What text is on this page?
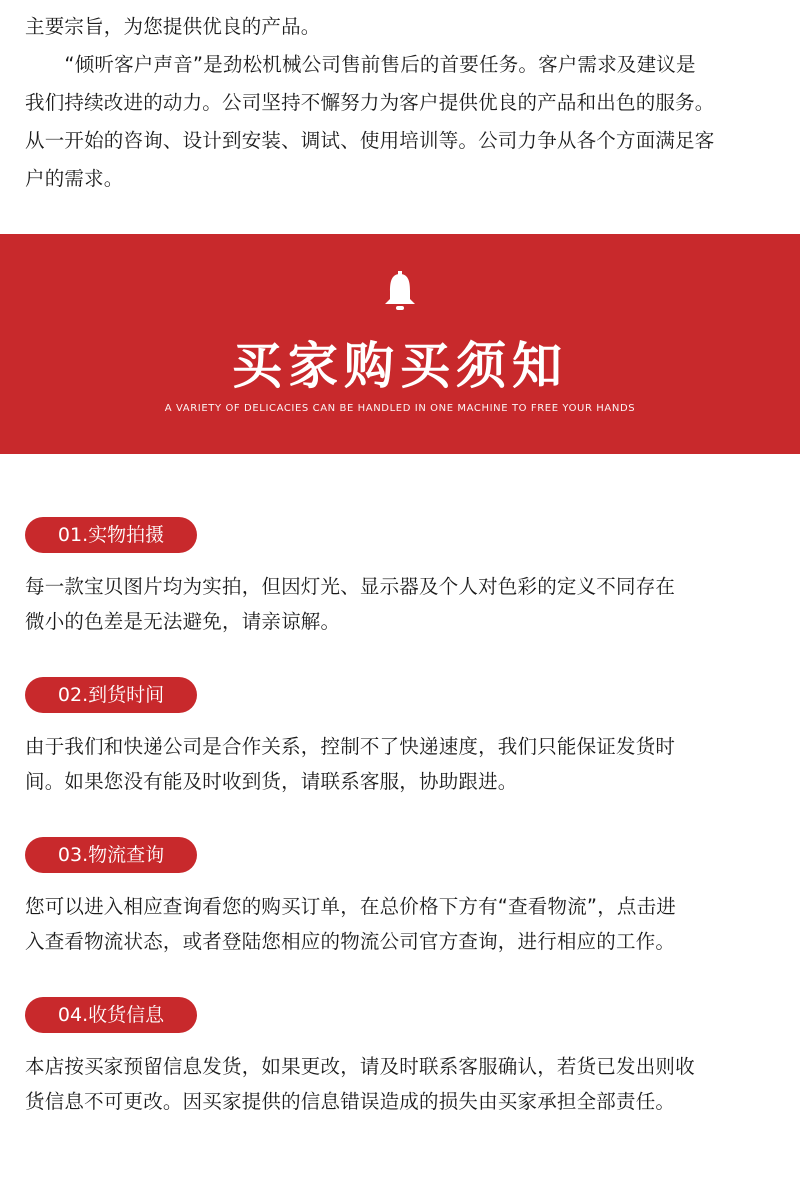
主要宗旨，为您提供优良的产品。
　　“倾听客户声音”是劲松机械公司售前售后的首要任务。客户需求及建议是
我们持续改进的动力。公司坚持不懈努力为客户提供优良的产品和出色的服务。
从一开始的咨询、设计到安装、调试、使用培训等。公司力争从各个方面满足客
户的需求。
买家购买须知
A VARIETY OF DELICACIES CAN BE HANDLED IN ONE MACHINE TO FREE YOUR HANDS
01.实物拍摄
每一款宝贝图片均为实拍，但因灯光、显示器及个人对色彩的定义不同存在
微小的色差是无法避免，请亲谅解。
02.到货时间
由于我们和快递公司是合作关系，控制不了快递速度，我们只能保证发货时
间。如果您没有能及时收到货，请联系客服，协助跟进。
03.物流查询
您可以进入相应查询看您的购买订单，在总价格下方有“查看物流”，点击进
入查看物流状态，或者登陆您相应的物流公司官方查询，进行相应的工作。
04.收货信息
本店按买家预留信息发货，如果更改，请及时联系客服确认，若货已发出则收
货信息不可更改。因买家提供的信息错误造成的损失由买家承担全部责任。
